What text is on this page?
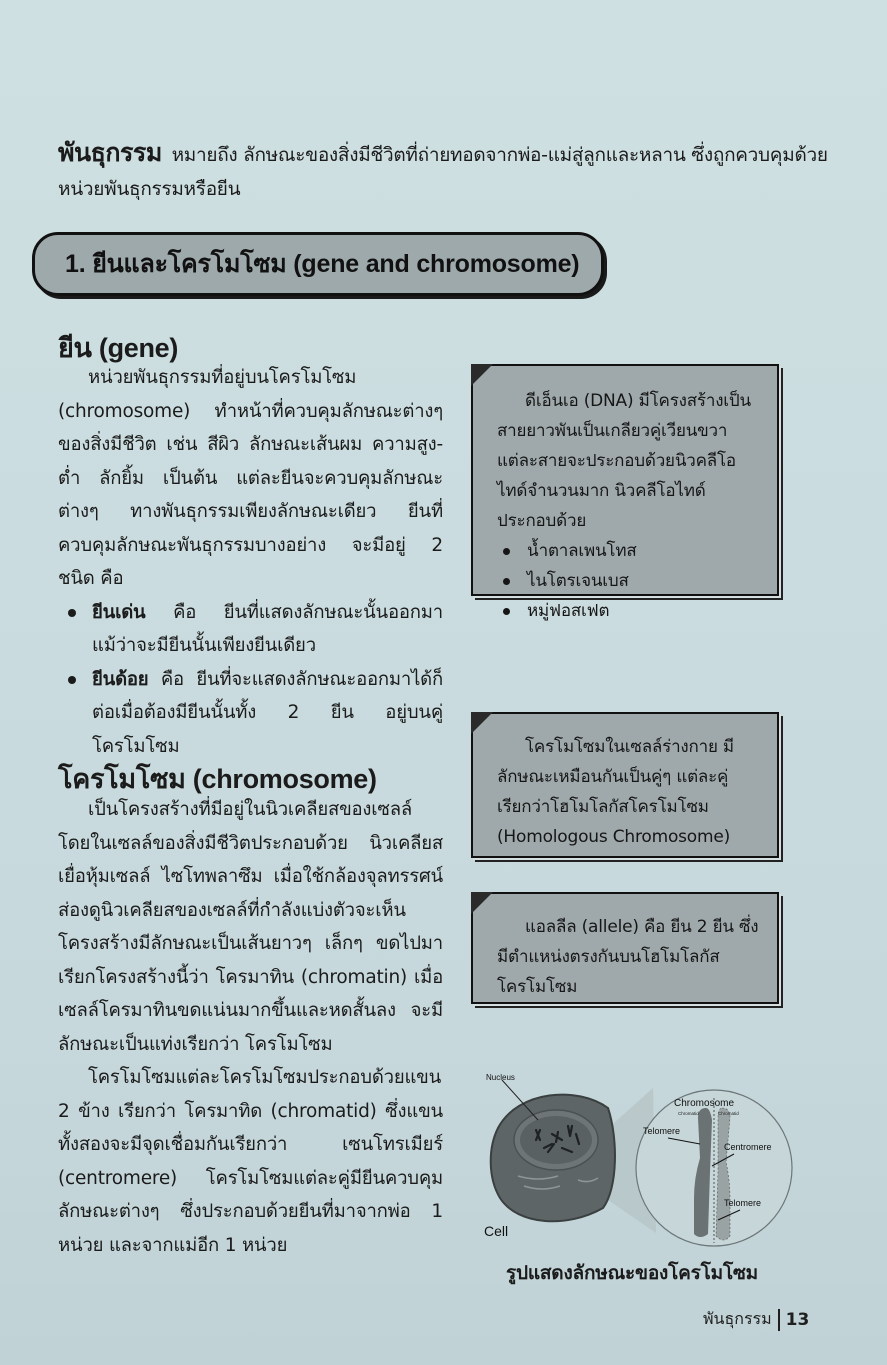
พันธุกรรม หมายถึง ลักษณะของสิ่งมีชีวิตที่ถ่ายทอดจากพ่อ-แม่สู่ลูกและหลาน ซึ่งถูกควบคุมด้วยหน่วยพันธุกรรมหรือยีน
1. ยีนและโครโมโซม (gene and chromosome)
ยีน (gene)
หน่วยพันธุกรรมที่อยู่บนโครโมโซม (chromosome) ทำหน้าที่ควบคุมลักษณะต่างๆ ของสิ่งมีชีวิต เช่น สีผิว ลักษณะเส้นผม ความสูง-ต่ำ ลักยิ้ม เป็นต้น แต่ละยีนจะควบคุมลักษณะต่างๆ ทางพันธุกรรมเพียงลักษณะเดียว ยีนที่ควบคุมลักษณะพันธุกรรมบางอย่าง จะมีอยู่ 2 ชนิด คือ
ยีนเด่น คือ ยีนที่แสดงลักษณะนั้นออกมาแม้ว่าจะมียีนนั้นเพียงยีนเดียว
ยีนด้อย คือ ยีนที่จะแสดงลักษณะออกมาได้ก็ต่อเมื่อต้องมียีนนั้นทั้ง 2 ยีน อยู่บนคู่โครโมโซม
โครโมโซม (chromosome)
เป็นโครงสร้างที่มีอยู่ในนิวเคลียสของเซลล์ โดยในเซลล์ของสิ่งมีชีวิตประกอบด้วย นิวเคลียส เยื่อหุ้มเซลล์ ไซโทพลาซึม เมื่อใช้กล้องจุลทรรศน์ส่องดูนิวเคลียสของเซลล์ที่กำลังแบ่งตัวจะเห็นโครงสร้างมีลักษณะเป็นเส้นยาวๆ เล็กๆ ขดไปมา เรียกโครงสร้างนี้ว่า โครมาทิน (chromatin) เมื่อเซลล์โครมาทินขดแน่นมากขึ้นและหดสั้นลง จะมีลักษณะเป็นแท่งเรียกว่า โครโมโซม
โครโมโซมแต่ละโครโมโซมประกอบด้วยแขน 2 ข้าง เรียกว่า โครมาทิด (chromatid) ซึ่งแขนทั้งสองจะมีจุดเชื่อมกันเรียกว่า เซนโทรเมียร์ (centromere) โครโมโซมแต่ละคู่มียีนควบคุมลักษณะต่างๆ ซึ่งประกอบด้วยยีนที่มาจากพ่อ 1 หน่วย และจากแม่อีก 1 หน่วย
ดีเอ็นเอ (DNA) มีโครงสร้างเป็นสายยาวพันเป็นเกลียวคู่เวียนขวา แต่ละสายจะประกอบด้วยนิวคลีโอไทด์จำนวนมาก นิวคลีโอไทด์ ประกอบด้วย
น้ำตาลเพนโทส
ไนโตรเจนเบส
หมู่ฟอสเฟต
โครโมโซมในเซลล์ร่างกาย มีลักษณะเหมือนกันเป็นคู่ๆ แต่ละคู่เรียกว่าโฮโมโลกัสโครโมโซม (Homologous Chromosome)
แอลลีล (allele) คือ ยีน 2 ยีน ซึ่งมีตำแหน่งตรงกันบนโฮโมโลกัสโครโมโซม
Nucleus
Cell
Chromosome
Chromatid	Chromatid
Telomere
Centromere
Telomere
รูปแสดงลักษณะของโครโมโซม
พันธุกรรม 13
